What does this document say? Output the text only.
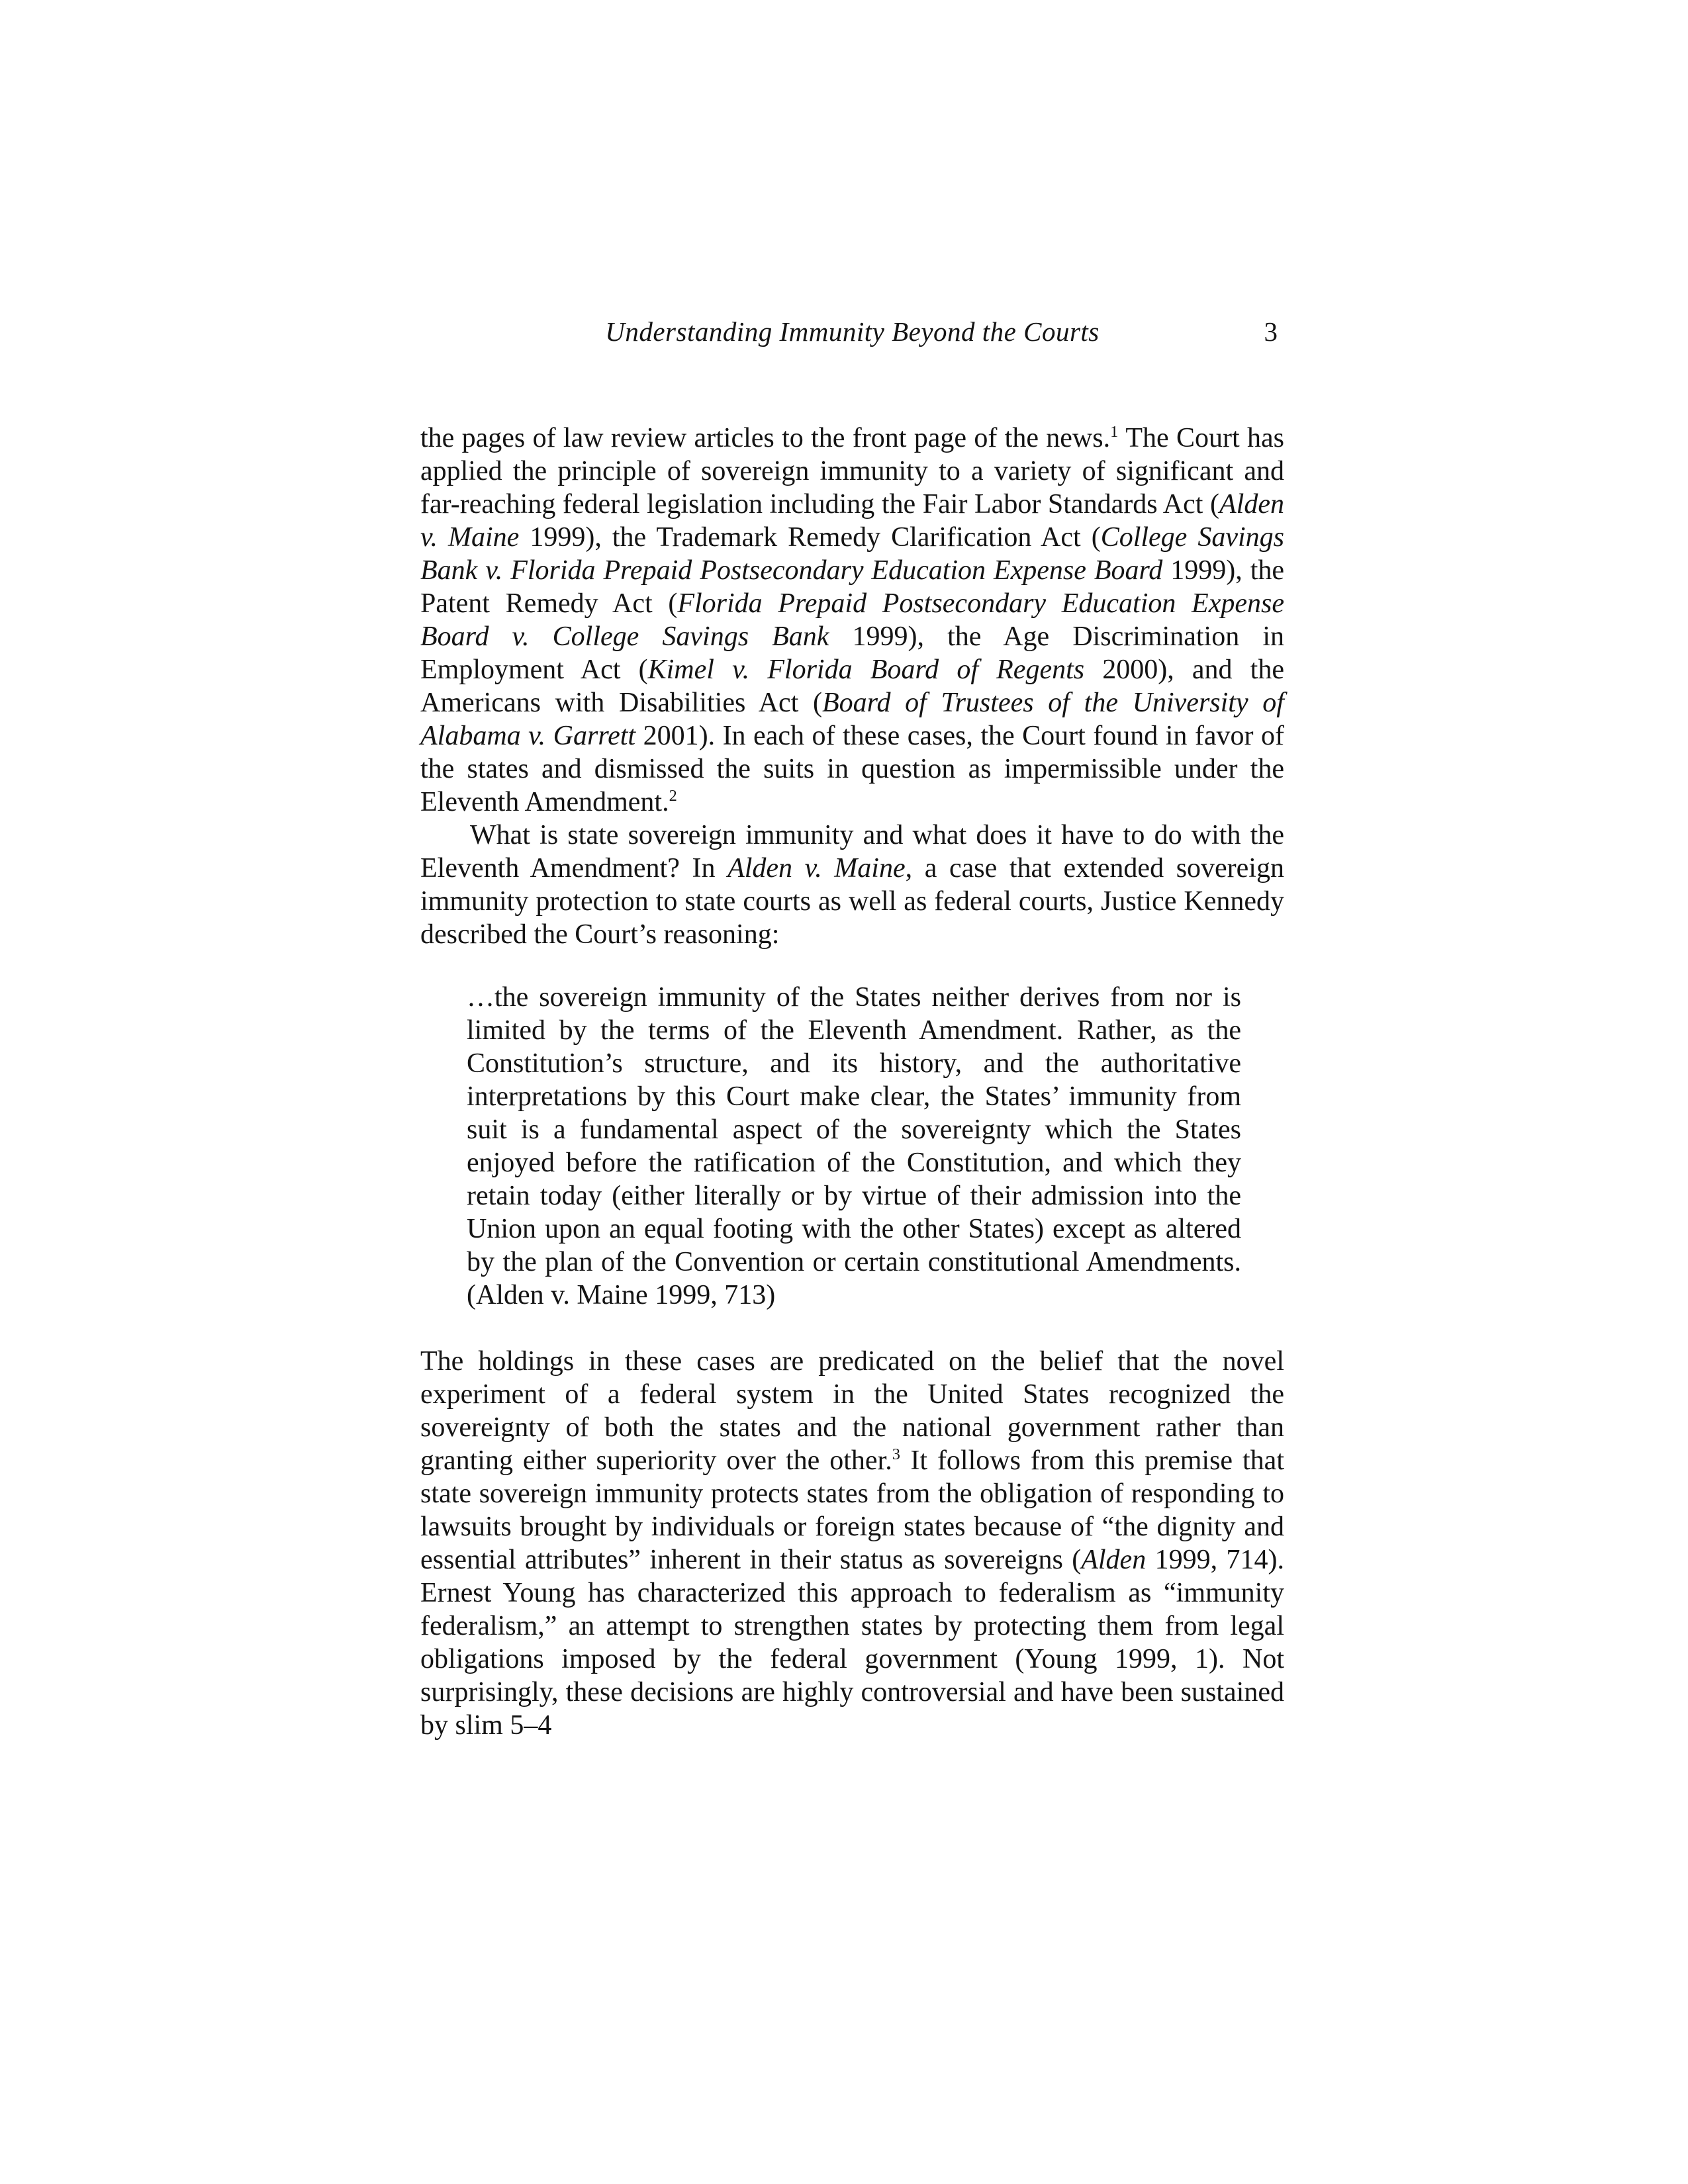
Understanding Immunity Beyond the Courts	3

the pages of law review articles to the front page of the news.$^1$ The Court has applied the principle of sovereign immunity to a variety of significant and far-reaching federal legislation including the Fair Labor Standards Act (Alden v. Maine 1999), the Trademark Remedy Clarification Act (College Savings Bank v. Florida Prepaid Postsecondary Education Expense Board 1999), the Patent Remedy Act (Florida Prepaid Postsecondary Education Expense Board v. College Savings Bank 1999), the Age Discrimination in Employment Act (Kimel v. Florida Board of Regents 2000), and the Americans with Disabilities Act (Board of Trustees of the University of Alabama v. Garrett 2001). In each of these cases, the Court found in favor of the states and dismissed the suits in question as impermissible under the Eleventh Amendment.$^2$

What is state sovereign immunity and what does it have to do with the Eleventh Amendment? In Alden v. Maine, a case that extended sovereign immunity protection to state courts as well as federal courts, Justice Kennedy described the Court’s reasoning:

…the sovereign immunity of the States neither derives from nor is limited by the terms of the Eleventh Amendment. Rather, as the Constitution’s structure, and its history, and the authoritative interpretations by this Court make clear, the States’ immunity from suit is a fundamental aspect of the sovereignty which the States enjoyed before the ratification of the Constitution, and which they retain today (either literally or by virtue of their admission into the Union upon an equal footing with the other States) except as altered by the plan of the Convention or certain constitutional Amendments. (Alden v. Maine 1999, 713)

The holdings in these cases are predicated on the belief that the novel experiment of a federal system in the United States recognized the sovereignty of both the states and the national government rather than granting either superiority over the other.$^3$ It follows from this premise that state sovereign immunity protects states from the obligation of responding to lawsuits brought by individuals or foreign states because of “the dignity and essential attributes” inherent in their status as sovereigns (Alden 1999, 714). Ernest Young has characterized this approach to federalism as “immunity federalism,” an attempt to strengthen states by protecting them from legal obligations imposed by the federal government (Young 1999, 1). Not surprisingly, these decisions are highly controversial and have been sustained by slim 5–4
